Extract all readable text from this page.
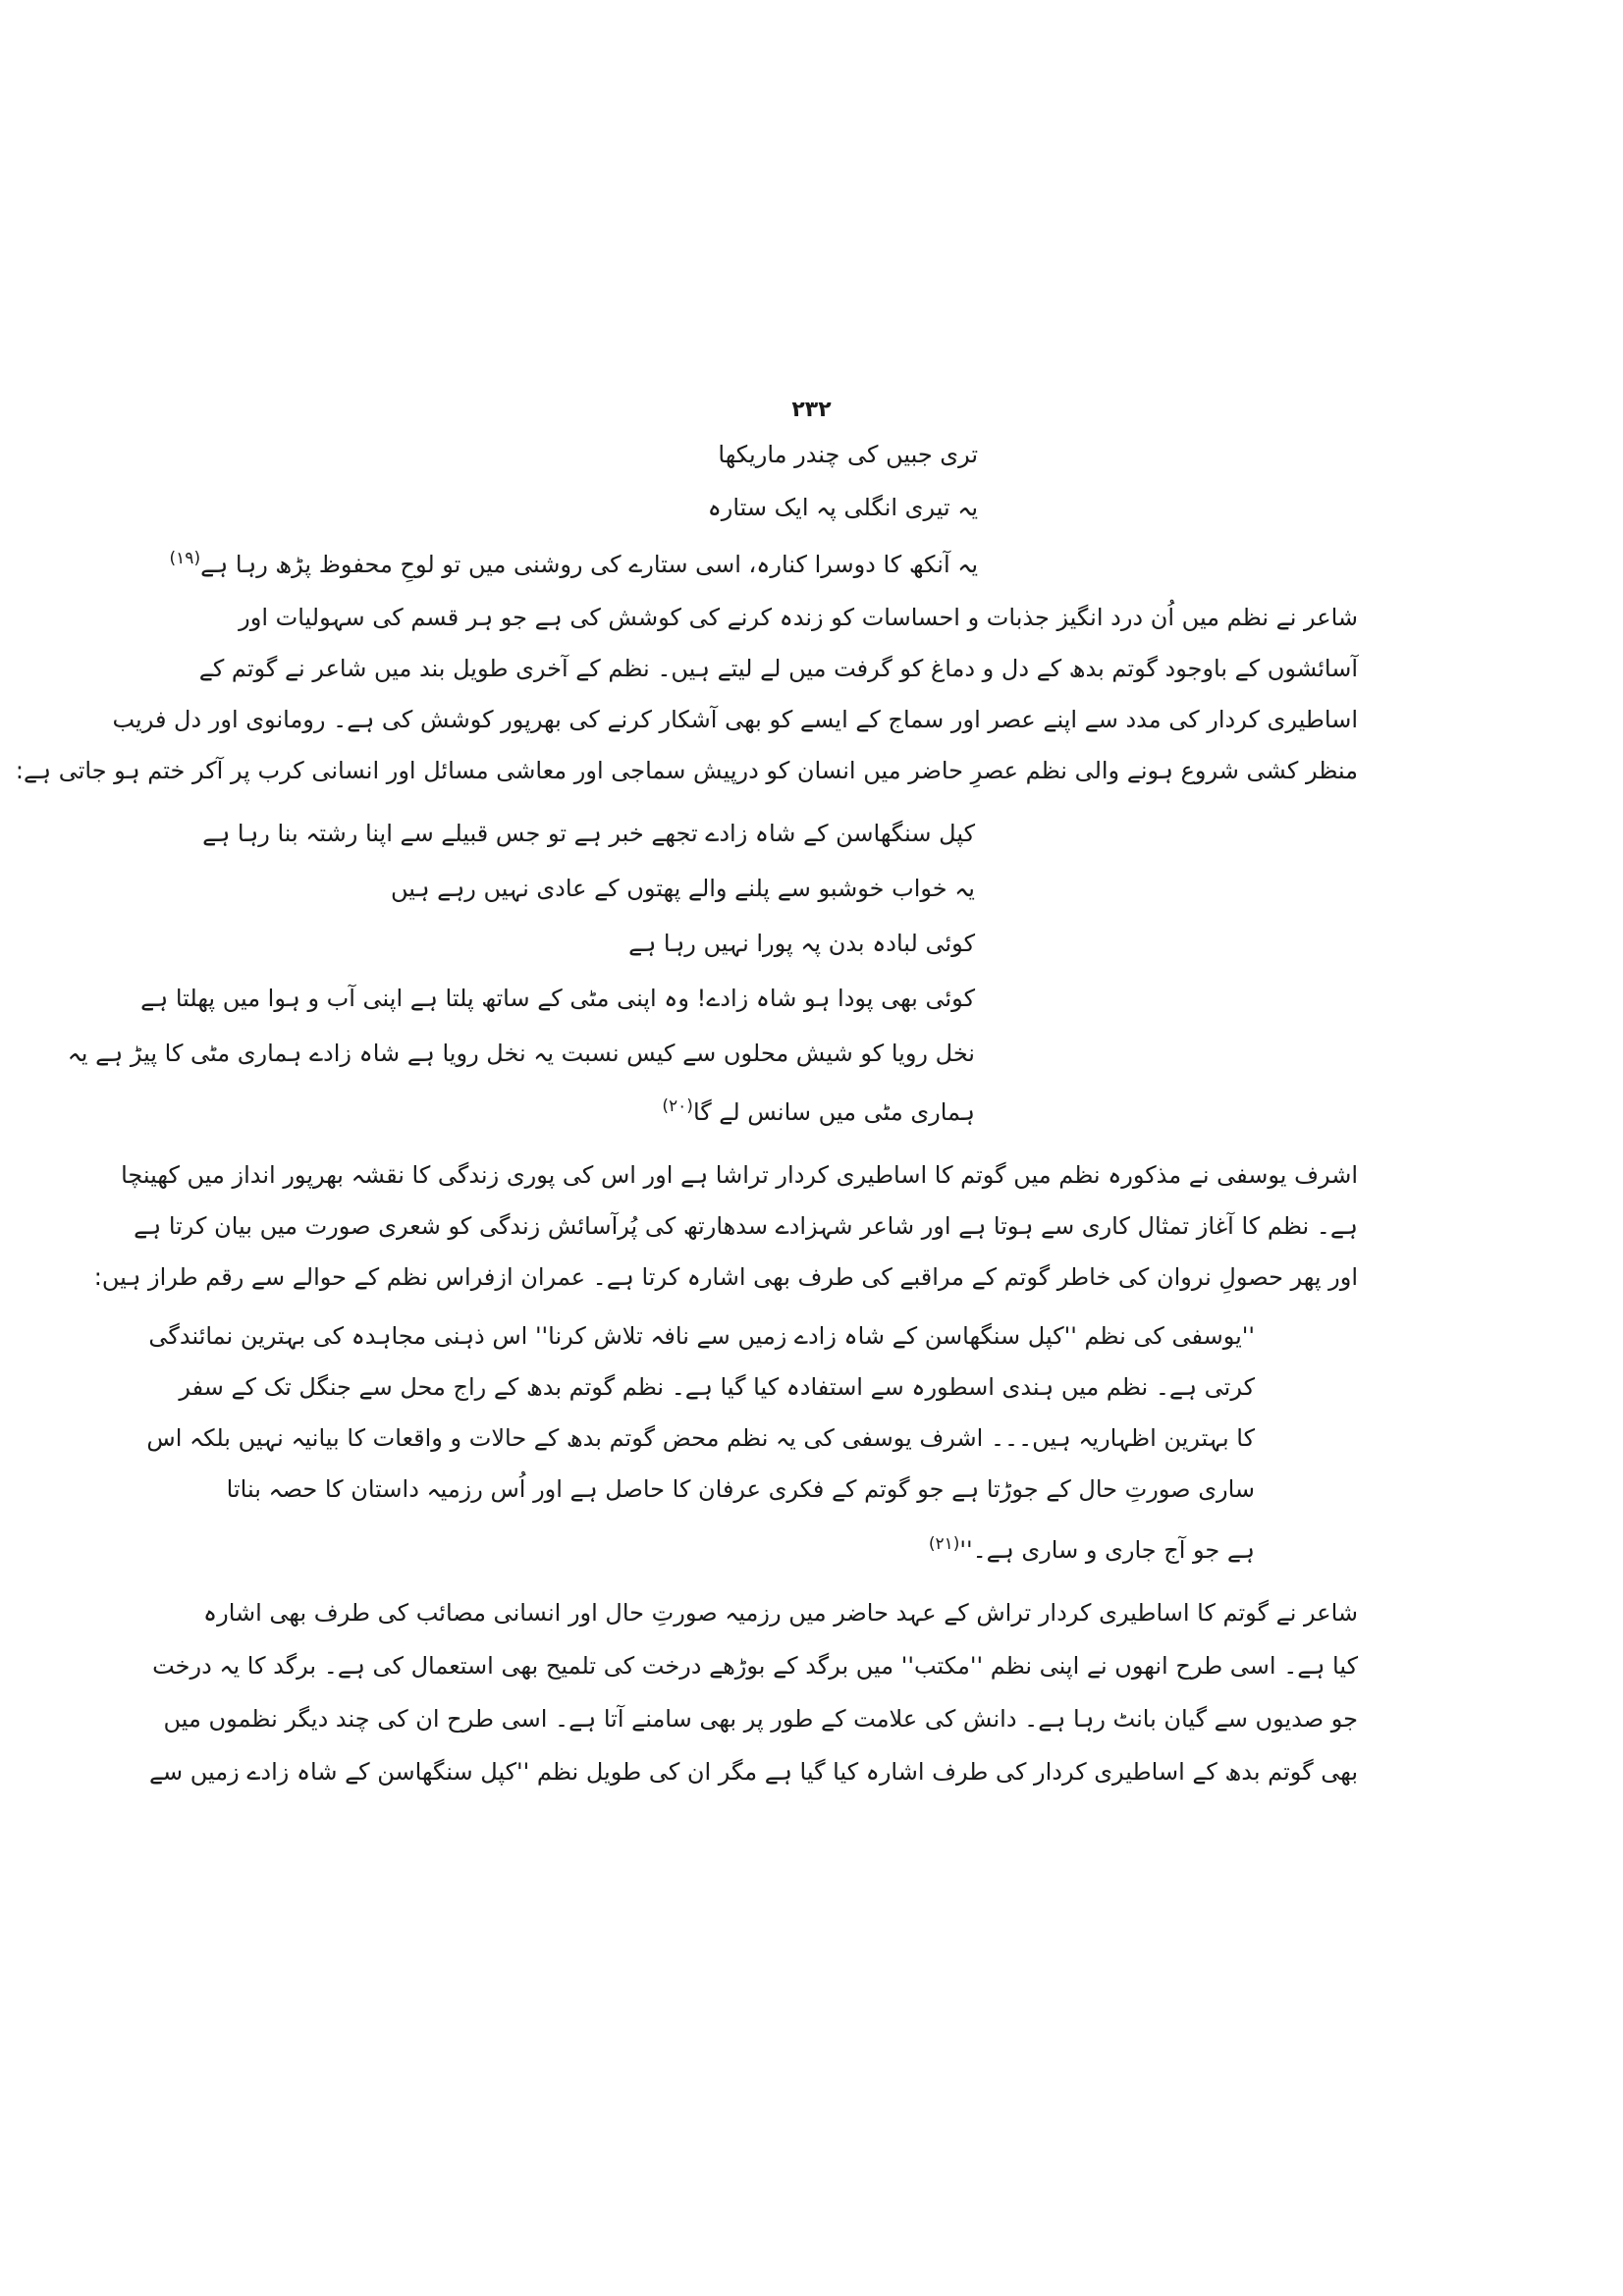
۲۳۲
تری جبیں کی چندر ماریکھا
یہ تیری انگلی پہ ایک ستارہ
یہ آنکھ کا دوسرا کنارہ، اسی ستارے کی روشنی میں تو لوحِ محفوظ پڑھ رہا ہے$^{(۱۹)}$
شاعر نے نظم میں اُن درد انگیز جذبات و احساسات کو زندہ کرنے کی کوشش کی ہے جو ہر قسم کی سہولیات اور
آسائشوں کے باوجود گوتم بدھ کے دل و دماغ کو گرفت میں لے لیتے ہیں۔ نظم کے آخری طویل بند میں شاعر نے گوتم کے
اساطیری کردار کی مدد سے اپنے عصر اور سماج کے ایسے کو بھی آشکار کرنے کی بھرپور کوشش کی ہے۔ رومانوی اور دل فریب
منظر کشی شروع ہونے والی نظم عصرِ حاضر میں انسان کو درپیش سماجی اور معاشی مسائل اور انسانی کرب پر آکر ختم ہو جاتی ہے:
کپل سنگھاسن کے شاہ زادے تجھے خبر ہے تو جس قبیلے سے اپنا رشتہ بنا رہا ہے
یہ خواب خوشبو سے پلنے والے پھتوں کے عادی نہیں رہے ہیں
کوئی لبادہ بدن پہ پورا نہیں رہا ہے
کوئی بھی پودا ہو شاہ زادے! وہ اپنی مٹی کے ساتھ پلتا ہے اپنی آب و ہوا میں پھلتا ہے
نخل رویا کو شیش محلوں سے کیس نسبت یہ نخل رویا ہے شاہ زادے ہماری مٹی کا پیڑ ہے یہ
ہماری مٹی میں سانس لے گا$^{(۲۰)}$
اشرف یوسفی نے مذکورہ نظم میں گوتم کا اساطیری کردار تراشا ہے اور اس کی پوری زندگی کا نقشہ بھرپور انداز میں کھینچا
ہے۔ نظم کا آغاز تمثال کاری سے ہوتا ہے اور شاعر شہزادے سدھارتھ کی پُرآسائش زندگی کو شعری صورت میں بیان کرتا ہے
اور پھر حصولِ نروان کی خاطر گوتم کے مراقبے کی طرف بھی اشارہ کرتا ہے۔ عمران ازفراس نظم کے حوالے سے رقم طراز ہیں:
''یوسفی کی نظم ''کپل سنگھاسن کے شاہ زادے زمیں سے نافہ تلاش کرنا'' اس ذہنی مجاہدہ کی بہترین نمائندگی
کرتی ہے۔ نظم میں ہندی اسطورہ سے استفادہ کیا گیا ہے۔ نظم گوتم بدھ کے راج محل سے جنگل تک کے سفر
کا بہترین اظہاریہ ہیں۔۔۔ اشرف یوسفی کی یہ نظم محض گوتم بدھ کے حالات و واقعات کا بیانیہ نہیں بلکہ اس
ساری صورتِ حال کے جوڑتا ہے جو گوتم کے فکری عرفان کا حاصل ہے اور اُس رزمیہ داستان کا حصہ بناتا
ہے جو آج جاری و ساری ہے۔''$^{(۲۱)}$
شاعر نے گوتم کا اساطیری کردار تراش کے عہد حاضر میں رزمیہ صورتِ حال اور انسانی مصائب کی طرف بھی اشارہ
کیا ہے۔ اسی طرح انھوں نے اپنی نظم ''مکتب'' میں برگد کے بوڑھے درخت کی تلمیح بھی استعمال کی ہے۔ برگد کا یہ درخت
جو صدیوں سے گیان بانٹ رہا ہے۔ دانش کی علامت کے طور پر بھی سامنے آتا ہے۔ اسی طرح ان کی چند دیگر نظموں میں
بھی گوتم بدھ کے اساطیری کردار کی طرف اشارہ کیا گیا ہے مگر ان کی طویل نظم ''کپل سنگھاسن کے شاہ زادے زمیں سے
